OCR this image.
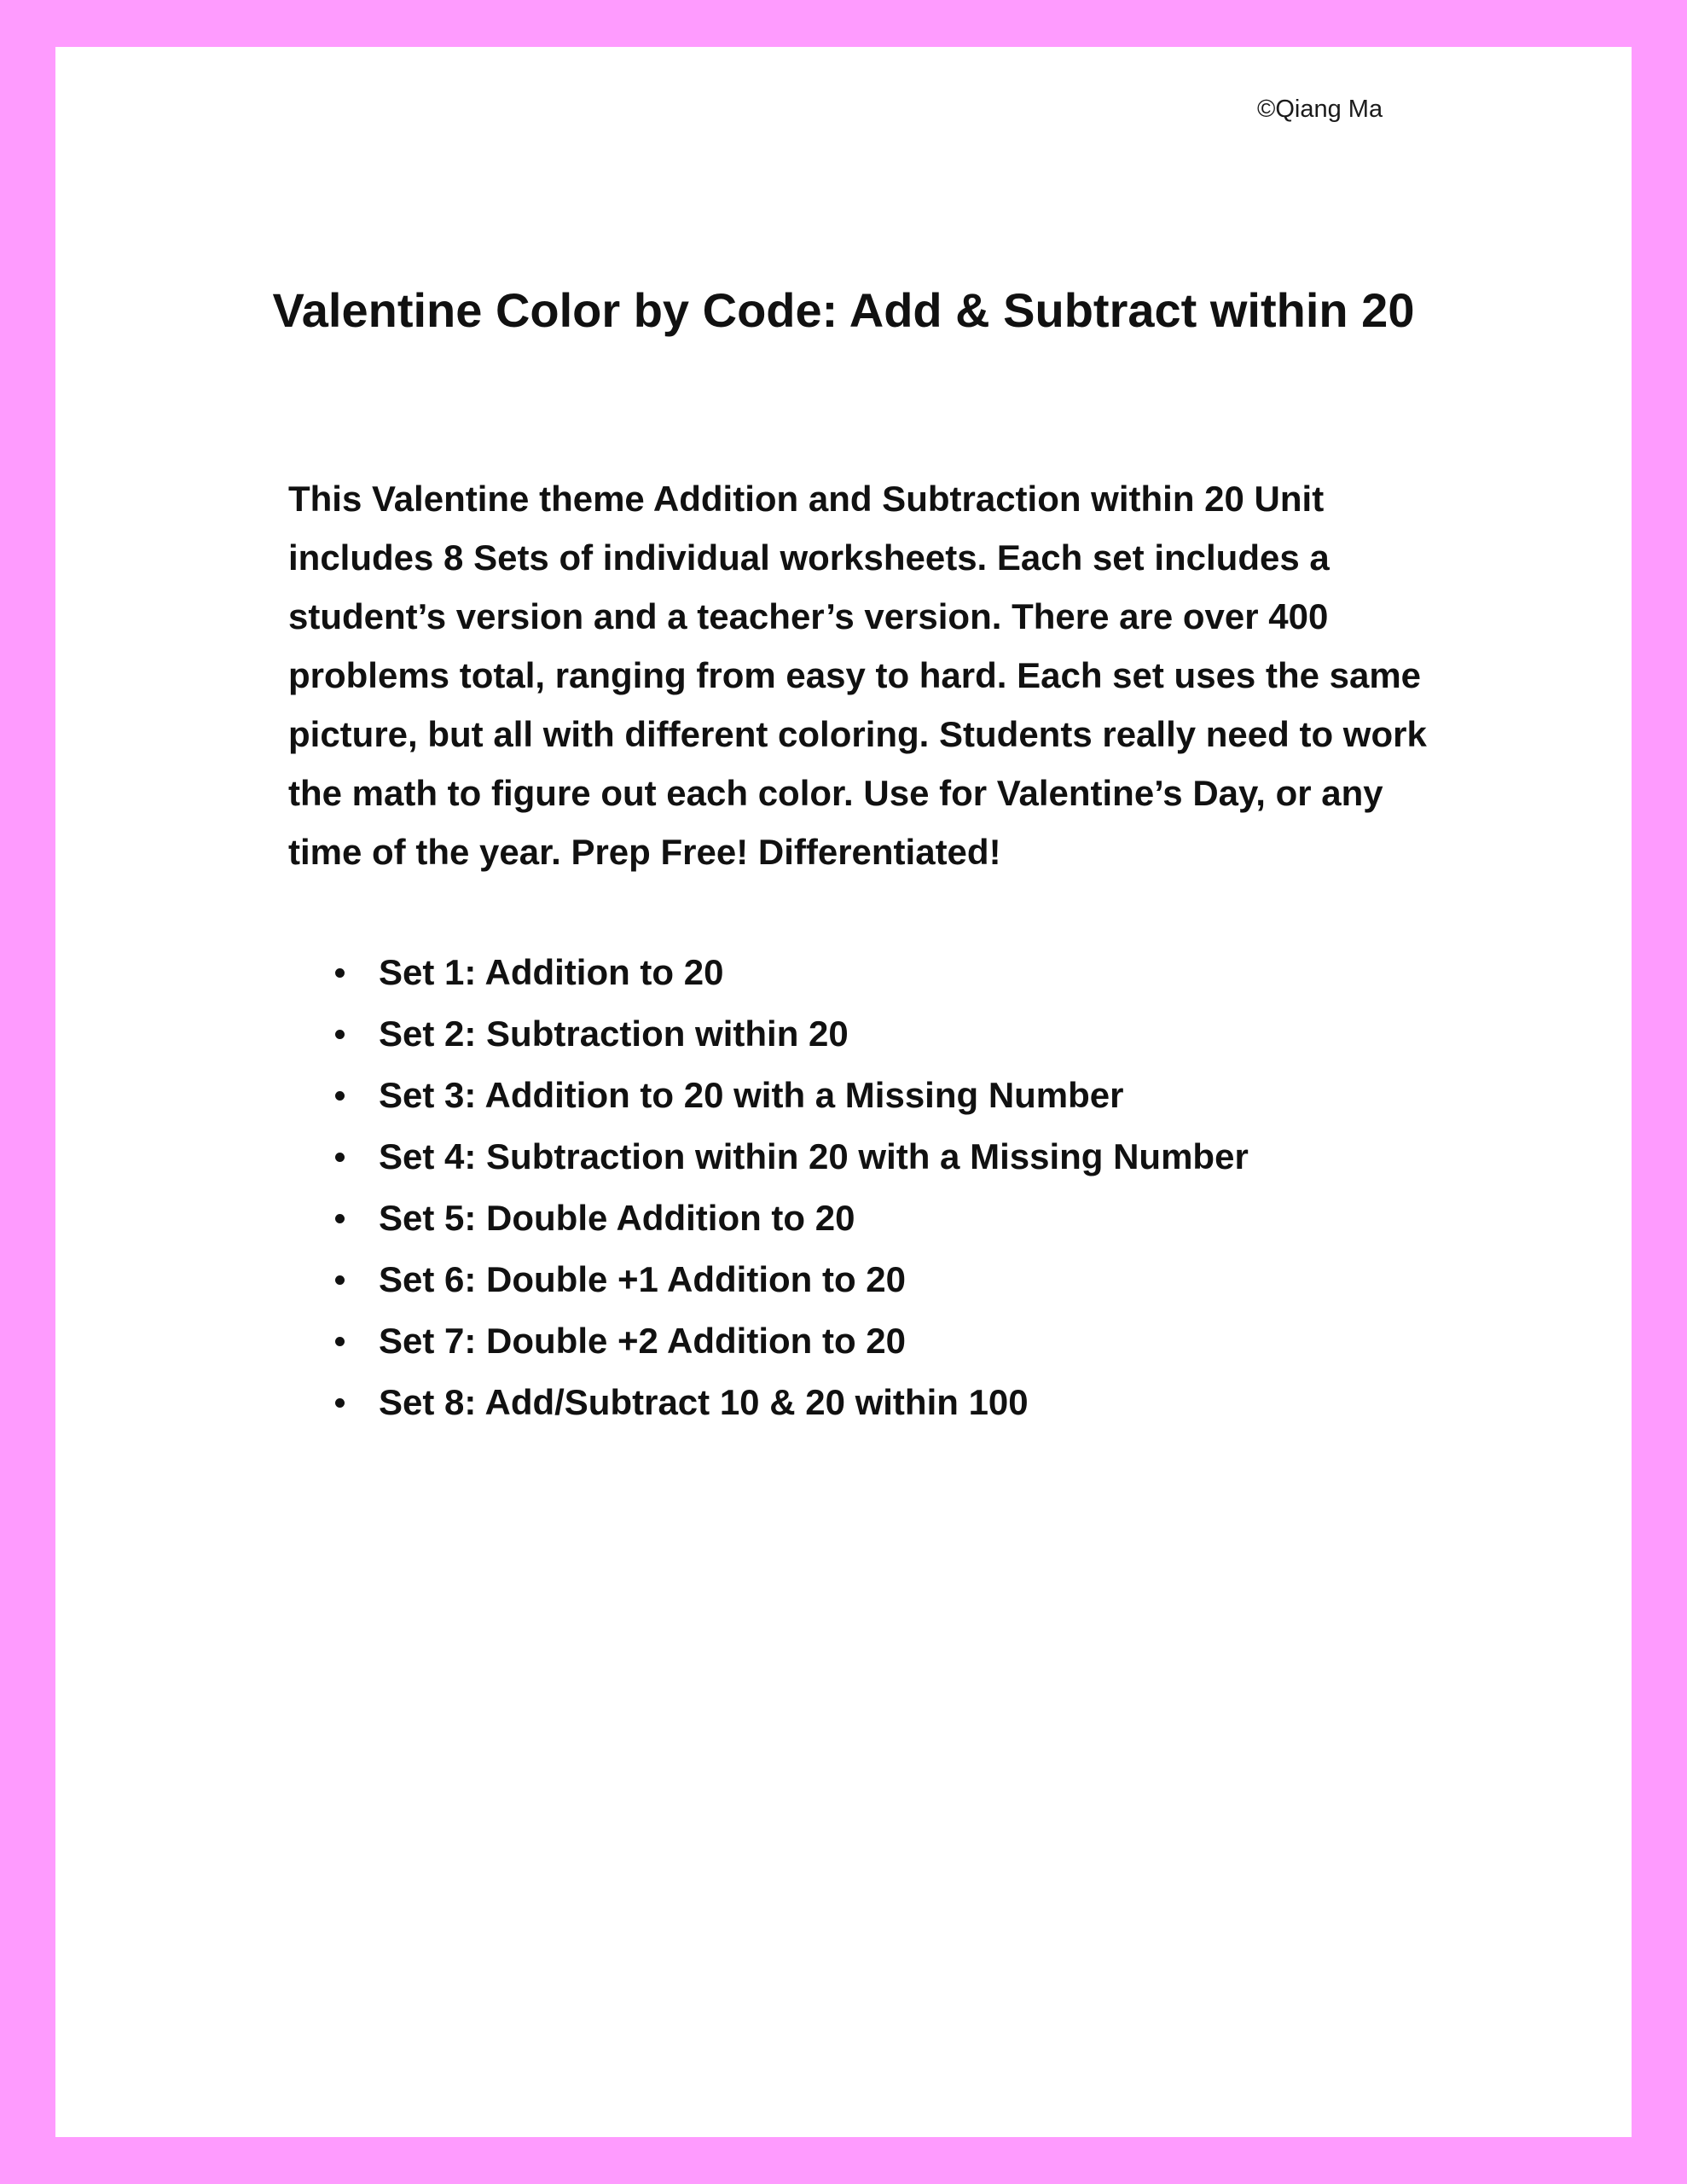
©Qiang Ma
Valentine Color by Code: Add & Subtract within 20

This Valentine theme Addition and Subtraction within 20 Unit includes 8 Sets of individual worksheets. Each set includes a student’s version and a teacher’s version. There are over 400 problems total, ranging from easy to hard. Each set uses the same picture, but all with different coloring. Students really need to work the math to figure out each color. Use for Valentine’s Day, or any time of the year. Prep Free! Differentiated!

Set 1: Addition to 20
Set 2: Subtraction within 20
Set 3: Addition to 20 with a Missing Number
Set 4: Subtraction within 20 with a Missing Number
Set 5: Double Addition to 20
Set 6: Double +1 Addition to 20
Set 7: Double +2 Addition to 20
Set 8: Add/Subtract 10 & 20 within 100
